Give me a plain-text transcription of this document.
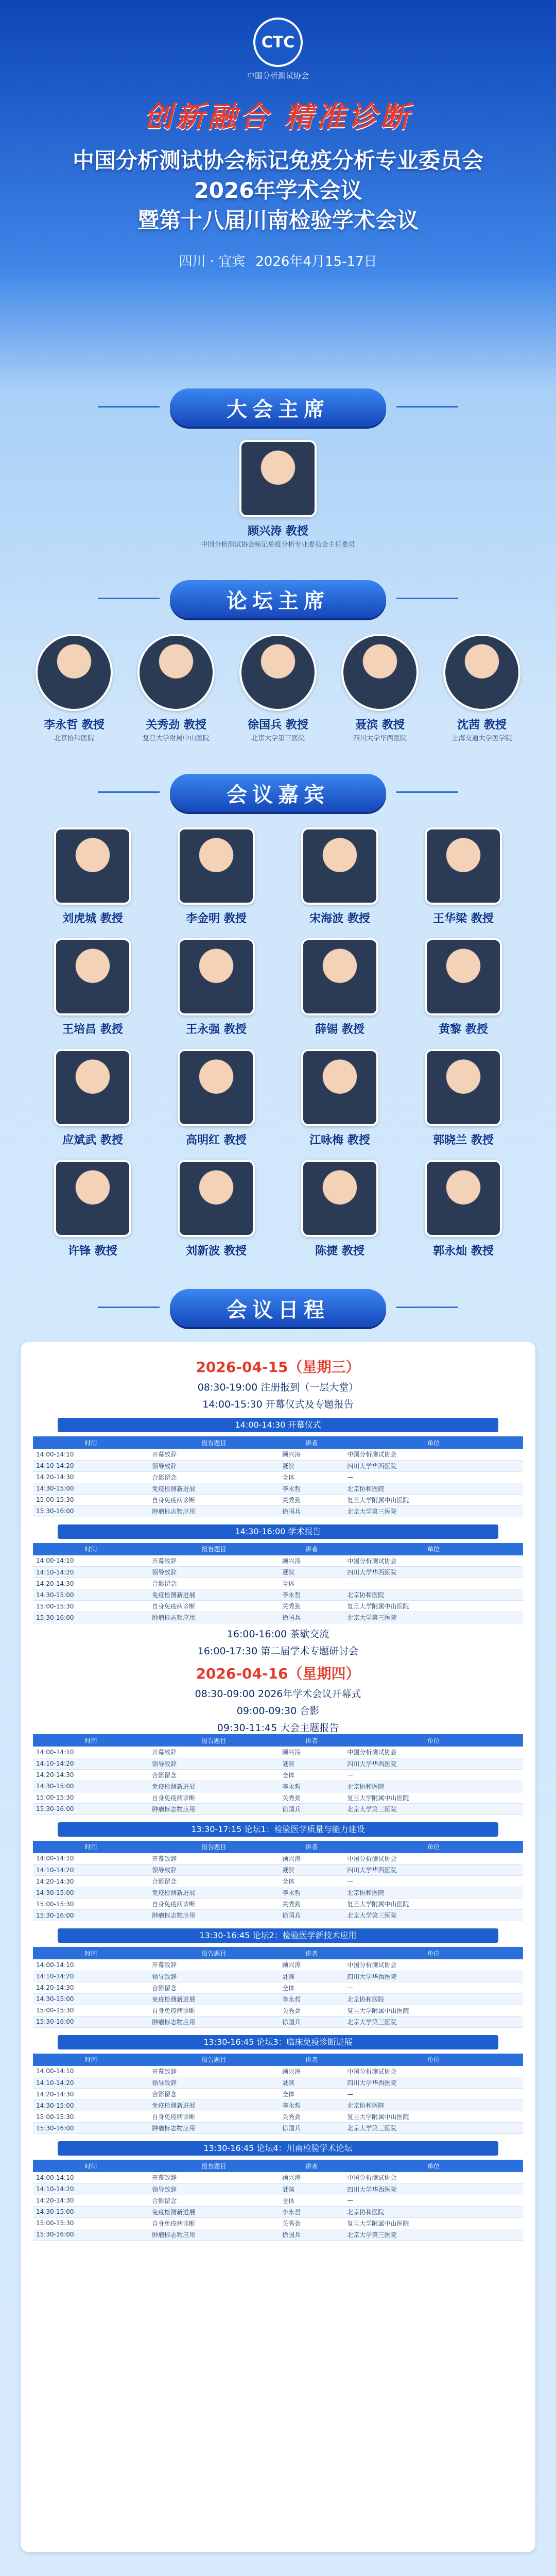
CTC
中国分析测试协会
创新融合 精准诊断
中国分析测试协会标记免疫分析专业委员会
2026年学术会议
暨第十八届川南检验学术会议
四川 · 宜宾 2026年4月15-17日
大会主席
顾兴涛 教授
中国分析测试协会标记免疫分析专业委员会主任委员
论坛主席
李永哲 教授
北京协和医院
关秀劲 教授
复旦大学附属中山医院
徐国兵 教授
北京大学第三医院
聂滨 教授
四川大学华西医院
沈茜 教授
上海交通大学医学院
会议嘉宾
刘虎城 教授	李金明 教授	宋海波 教授	王华梁 教授
王培昌 教授	王永强 教授	薛锡 教授	黄黎 教授
应斌武 教授	高明红 教授	江咏梅 教授	郭晓兰 教授
许锋 教授	刘新波 教授	陈捷 教授	郭永灿 教授
会议日程
2026-04-15（星期三）
08:30-19:00 注册报到（一层大堂）
14:00-15:30 开幕仪式及专题报告
14:00-14:30 开幕仪式
时间	报告题目	讲者	单位
14:00-14:10	开幕致辞	顾兴涛	中国分析测试协会
14:10-14:20	领导致辞	聂滨	四川大学华西医院
14:20-14:30	合影留念	全体	—
14:30-15:00	免疫检测新进展	李永哲	北京协和医院
15:00-15:30	自身免疫病诊断	关秀劲	复旦大学附属中山医院
15:30-16:00	肿瘤标志物应用	徐国兵	北京大学第三医院
14:30-16:00 学术报告
时间	报告题目	讲者	单位
14:00-14:10	开幕致辞	顾兴涛	中国分析测试协会
14:10-14:20	领导致辞	聂滨	四川大学华西医院
14:20-14:30	合影留念	全体	—
14:30-15:00	免疫检测新进展	李永哲	北京协和医院
15:00-15:30	自身免疫病诊断	关秀劲	复旦大学附属中山医院
15:30-16:00	肿瘤标志物应用	徐国兵	北京大学第三医院
16:00-16:00 茶歇交流
16:00-17:30 第二届学术专题研讨会
2026-04-16（星期四）
08:30-09:00 2026年学术会议开幕式
09:00-09:30 合影
09:30-11:45 大会主题报告
时间	报告题目	讲者	单位
14:00-14:10	开幕致辞	顾兴涛	中国分析测试协会
14:10-14:20	领导致辞	聂滨	四川大学华西医院
14:20-14:30	合影留念	全体	—
14:30-15:00	免疫检测新进展	李永哲	北京协和医院
15:00-15:30	自身免疫病诊断	关秀劲	复旦大学附属中山医院
15:30-16:00	肿瘤标志物应用	徐国兵	北京大学第三医院
13:30-17:15 论坛1：检验医学质量与能力建设
时间	报告题目	讲者	单位
14:00-14:10	开幕致辞	顾兴涛	中国分析测试协会
14:10-14:20	领导致辞	聂滨	四川大学华西医院
14:20-14:30	合影留念	全体	—
14:30-15:00	免疫检测新进展	李永哲	北京协和医院
15:00-15:30	自身免疫病诊断	关秀劲	复旦大学附属中山医院
15:30-16:00	肿瘤标志物应用	徐国兵	北京大学第三医院
13:30-16:45 论坛2：检验医学新技术应用
时间	报告题目	讲者	单位
14:00-14:10	开幕致辞	顾兴涛	中国分析测试协会
14:10-14:20	领导致辞	聂滨	四川大学华西医院
14:20-14:30	合影留念	全体	—
14:30-15:00	免疫检测新进展	李永哲	北京协和医院
15:00-15:30	自身免疫病诊断	关秀劲	复旦大学附属中山医院
15:30-16:00	肿瘤标志物应用	徐国兵	北京大学第三医院
13:30-16:45 论坛3：临床免疫诊断进展
时间	报告题目	讲者	单位
14:00-14:10	开幕致辞	顾兴涛	中国分析测试协会
14:10-14:20	领导致辞	聂滨	四川大学华西医院
14:20-14:30	合影留念	全体	—
14:30-15:00	免疫检测新进展	李永哲	北京协和医院
15:00-15:30	自身免疫病诊断	关秀劲	复旦大学附属中山医院
15:30-16:00	肿瘤标志物应用	徐国兵	北京大学第三医院
13:30-16:45 论坛4：川南检验学术论坛
时间	报告题目	讲者	单位
14:00-14:10	开幕致辞	顾兴涛	中国分析测试协会
14:10-14:20	领导致辞	聂滨	四川大学华西医院
14:20-14:30	合影留念	全体	—
14:30-15:00	免疫检测新进展	李永哲	北京协和医院
15:00-15:30	自身免疫病诊断	关秀劲	复旦大学附属中山医院
15:30-16:00	肿瘤标志物应用	徐国兵	北京大学第三医院
